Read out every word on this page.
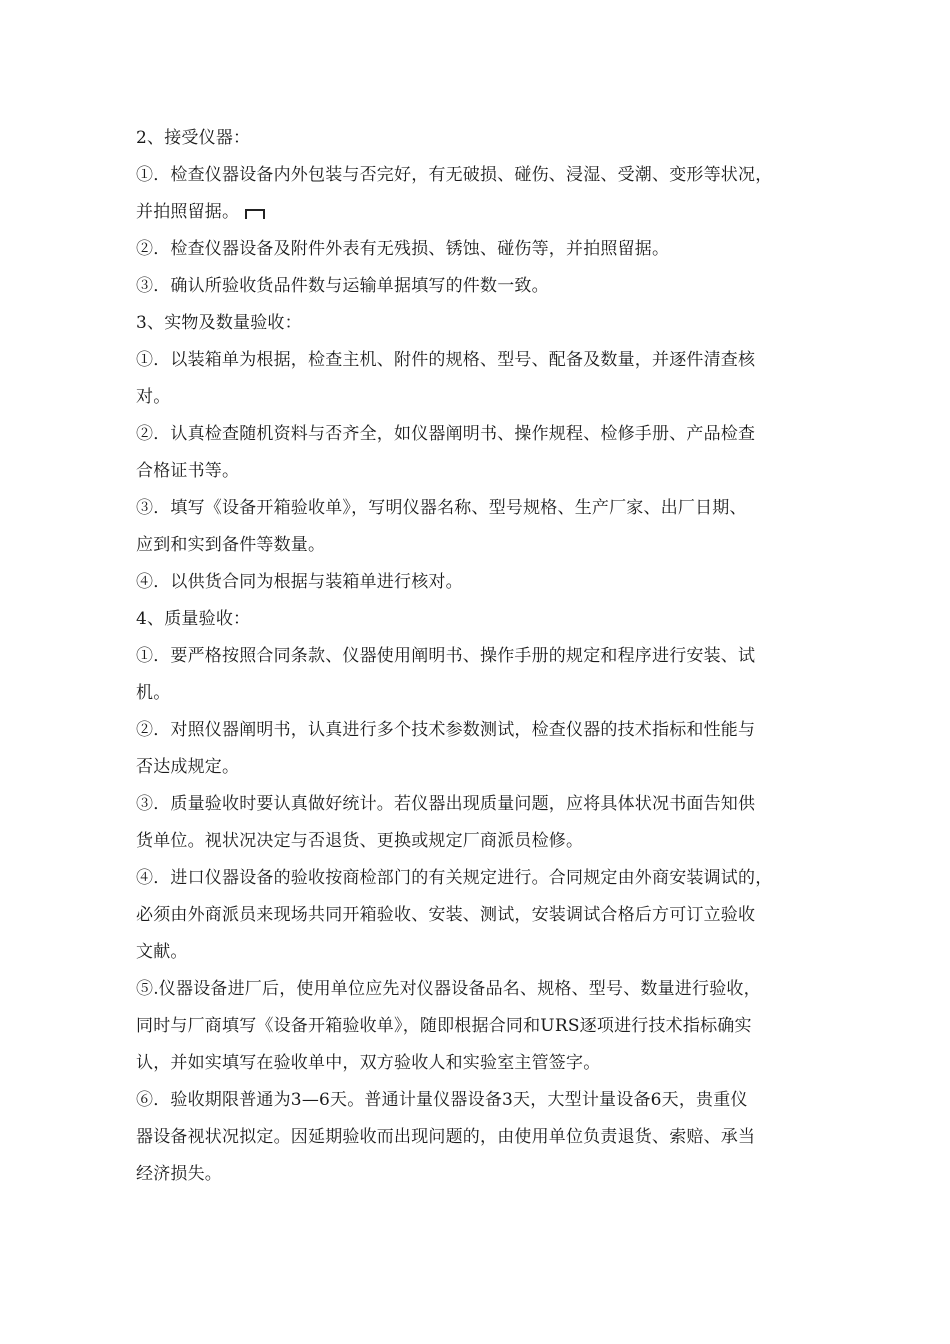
2、接受仪器：
①．检查仪器设备内外包装与否完好，有无破损、碰伤、浸湿、受潮、变形等状况，
并拍照留据。
②．检查仪器设备及附件外表有无残损、锈蚀、碰伤等，并拍照留据。
③．确认所验收货品件数与运输单据填写的件数一致。
3、实物及数量验收：
①．以装箱单为根据，检查主机、附件的规格、型号、配备及数量，并逐件清查核
对。
②．认真检查随机资料与否齐全，如仪器阐明书、操作规程、检修手册、产品检查
合格证书等。
③．填写《设备开箱验收单》，写明仪器名称、型号规格、生产厂家、出厂日期、
应到和实到备件等数量。
④．以供货合同为根据与装箱单进行核对。
4、质量验收：
①．要严格按照合同条款、仪器使用阐明书、操作手册的规定和程序进行安装、试
机。
②．对照仪器阐明书，认真进行多个技术参数测试，检查仪器的技术指标和性能与
否达成规定。
③．质量验收时要认真做好统计。若仪器出现质量问题，应将具体状况书面告知供
货单位。视状况决定与否退货、更换或规定厂商派员检修。
④．进口仪器设备的验收按商检部门的有关规定进行。合同规定由外商安装调试的，
必须由外商派员来现场共同开箱验收、安装、测试，安装调试合格后方可订立验收
文献。
⑤.仪器设备进厂后，使用单位应先对仪器设备品名、规格、型号、数量进行验收，
同时与厂商填写《设备开箱验收单》，随即根据合同和URS逐项进行技术指标确实
认，并如实填写在验收单中，双方验收人和实验室主管签字。
⑥．验收期限普通为3—6天。普通计量仪器设备3天，大型计量设备6天，贵重仪
器设备视状况拟定。因延期验收而出现问题的，由使用单位负责退货、索赔、承当
经济损失。
